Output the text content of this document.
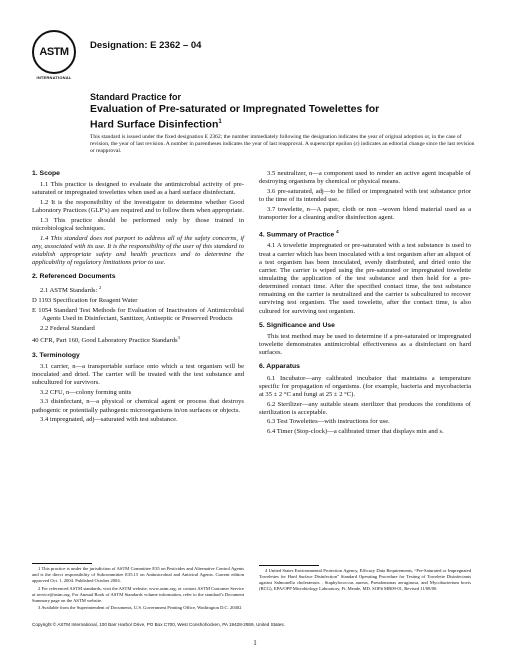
ASTM
INTERNATIONAL
Designation: E 2362 – 04
Standard Practice for
Evaluation of Pre-saturated or Impregnated Towelettes for
Hard Surface Disinfection$^1$
This standard is issued under the fixed designation E 2362; the number immediately following the designation indicates the year of original adoption or, in the case of revision, the year of last revision. A number in parentheses indicates the year of last reapproval. A superscript epsilon (ε) indicates an editorial change since the last revision or reapproval.
1. Scope

1.1 This practice is designed to evaluate the antimicrobial activity of pre-saturated or impregnated towelettes when used as a hard surface disinfectant.

1.2 It is the responsibility of the investigator to determine whether Good Laboratory Practices (GLP’s) are required and to follow them when appropriate.

1.3 This practice should be performed only by those trained in microbiological techniques.

1.4 This standard does not purport to address all of the safety concerns, if any, associated with its use. It is the responsibility of the user of this standard to establish appropriate safety and health practices and to determine the applicability of regulatory limitations prior to use.

2. Referenced Documents

2.1 ASTM Standards: $^2$

D 1193 Specification for Reagent Water

E 1054 Standard Test Methods for Evaluation of Inactivators of Antimicrobial Agents Used in Disinfectant, Sanitizer, Antiseptic or Preserved Products

2.2 Federal Standard

40 CFR, Part 160, Good Laboratory Practice Standards$^3$

3. Terminology

3.1 carrier, n—a transportable surface onto which a test organism will be inoculated and dried. The carrier will be treated with the test substance and subcultured for survivors.

3.2 CFU, n—colony forming units

3.3 disinfectant, n—a physical or chemical agent or process that destroys pathogenic or potentially pathogenic microorganisms in/on surfaces or objects.

3.4 impregnated, adj—saturated with test substance.

1 This practice is under the jurisdiction of ASTM Committee E35 on Pesticides and Alternative Control Agents and is the direct responsibility of Subcommittee E35.15 on Antimicrobial and Antiviral Agents. Current edition approved Oct. 1, 2004. Published October 2004.

2 For referenced ASTM standards, visit the ASTM website, www.astm.org, or contact ASTM Customer Service at service@astm.org. For Annual Book of ASTM Standards volume information, refer to the standard’s Document Summary page on the ASTM website.

3 Available from the Superintendent of Documents, U.S. Government Printing Office, Washington D.C. 20402

3.5 neutralizer, n—a component used to render an active agent incapable of destroying organisms by chemical or physical means.

3.6 pre-saturated, adj—to be filled or impregnated with test substance prior to the time of its intended use.

3.7 towelette, n—A paper, cloth or non –woven blend material used as a transporter for a cleaning and/or disinfection agent.

4. Summary of Practice $^4$

4.1 A towelette impregnated or pre-saturated with a test substance is used to treat a carrier which has been inoculated with a test organism after an aliquot of a test organism has been inoculated, evenly distributed, and dried onto the carrier. The carrier is wiped using the pre-saturated or impregnated towelette simulating the application of the test substance and then held for a pre-determined contact time. After the specified contact time, the test substance remaining on the carrier is neutralized and the carrier is subcultured to recover surviving test organism. The used towelette, after the contact time, is also cultured for surviving test organism.

5. Significance and Use

This test method may be used to determine if a pre-saturated or impregnated towelette demonstrates antimicrobial effectiveness as a disinfectant on hard surfaces.

6. Apparatus

6.1 Incubator—any calibrated incubator that maintains a temperature specific for propagation of organisms. (for example, bacteria and mycobacteria at 35 ± 2 °C and fungi at 25 ± 2 °C).

6.2 Sterilizer—any suitable steam sterilizer that produces the conditions of sterilization is acceptable.

6.3 Test Towelettes—with instructions for use.

6.4 Timer (Stop-clock)—a calibrated timer that displays min and s.

4 United States Environmental Protection Agency, Efficacy Data Requirements, “Pre-Saturated or Impregnated Towelettes for Hard Surface Disinfection” Standard Operating Procedure for Testing of Towelette Disinfectants against Salmonella choleraesuis , Staphylococcus aureus, Pseudomonas aeruginosa, and Mycobacterium bovis (BCG), EPA/OPP Microbiology Laboratory, Ft. Meade, MD. SOP# MB09-01, Revised 11/08/00.

Copyright © ASTM International, 100 Barr Harbor Drive, PO Box C700, West Conshohocken, PA 19428-2959, United States.
1
